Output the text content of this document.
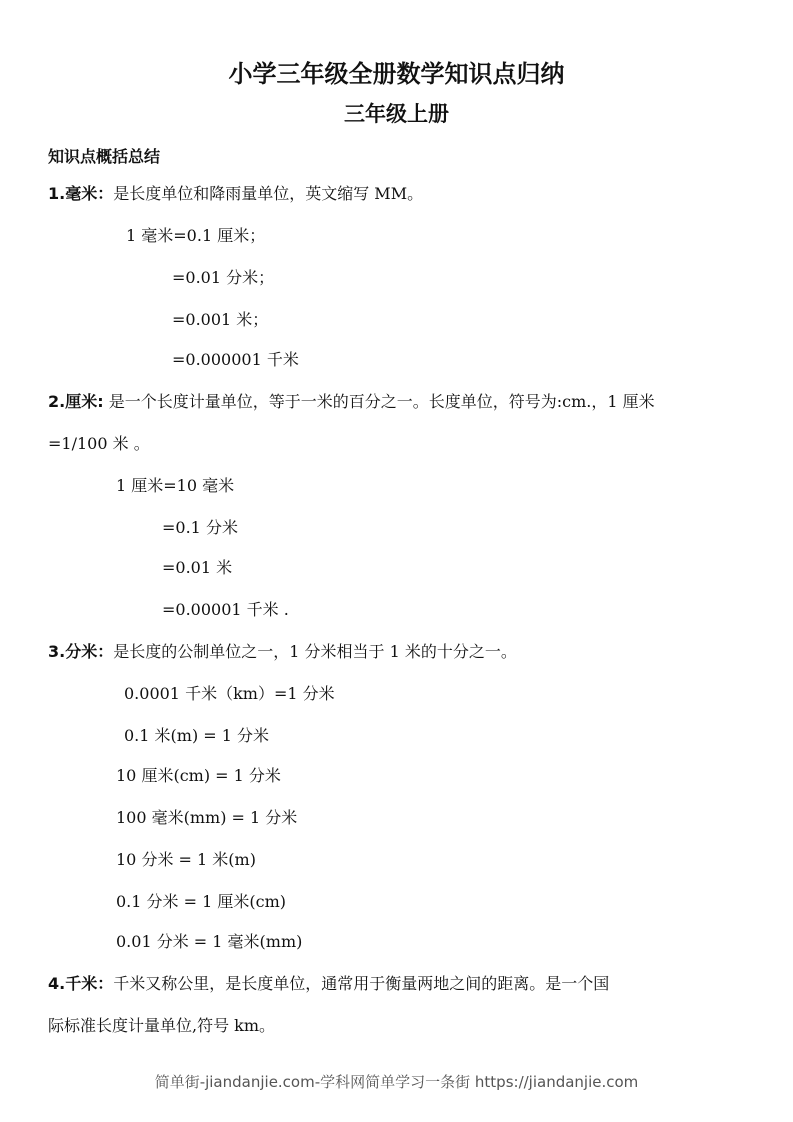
小学三年级全册数学知识点归纳
三年级上册
知识点概括总结
1.毫米：是长度单位和降雨量单位，英文缩写 MM。
1 毫米=0.1 厘米；
=0.01 分米；
=0.001 米；
=0.000001 千米
2.厘米: 是一个长度计量单位，等于一米的百分之一。长度单位，符号为:cm.，1 厘米
=1/100 米 。
1 厘米=10 毫米
=0.1 分米
=0.01 米
=0.00001 千米 .
3.分米：是长度的公制单位之一，1 分米相当于 1 米的十分之一。
0.0001 千米（km）=1 分米
0.1 米(m) = 1 分米
10 厘米(cm) = 1 分米
100 毫米(mm) = 1 分米
10 分米 = 1 米(m)
0.1 分米 = 1 厘米(cm)
0.01 分米 = 1 毫米(mm)
4.千米：千米又称公里，是长度单位，通常用于衡量两地之间的距离。是一个国
际标准长度计量单位,符号 km。
简单街-jiandanjie.com-学科网简单学习一条街 https://jiandanjie.com
